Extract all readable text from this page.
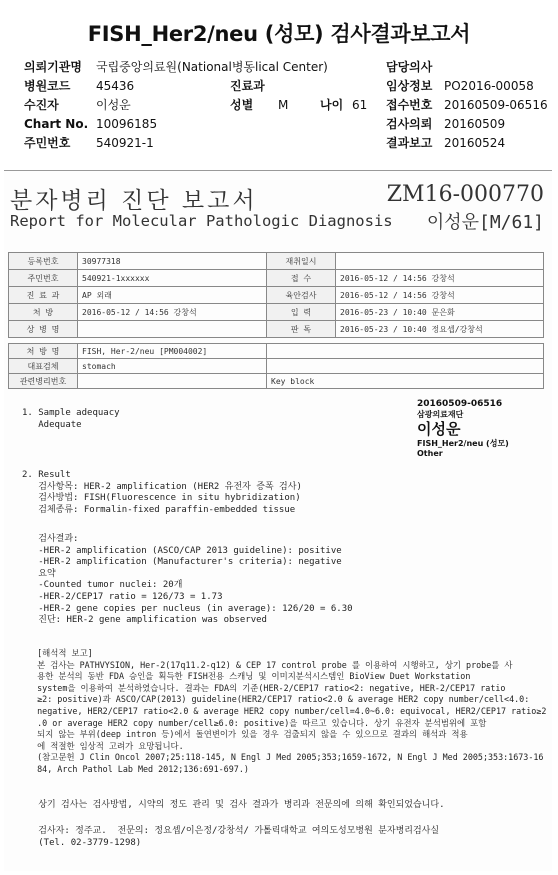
FISH_Her2/neu (성모) 검사결과보고서
의뢰기관명 국립중앙의료원(National병동lical Center)	담당의사
병원코드 45436	진료과	임상정보 PO2016-00058
수진자	이성운	성별 M	나이 61 접수번호 20160509-06516
Chart No. 10096185	검사의뢰 20160509
주민번호 540921-1	결과보고 20160524
분자병리 진단 보고서
Report for Molecular Pathologic Diagnosis
ZM16-000770
이성운[M/61]
등록번호	30977318	재취일시	
주민번호	540921-1xxxxxx	접 수	2016-05-12 / 14:56 강창석
진 료 과	AP 외래	육안검사	2016-05-12 / 14:56 강창석
처 방	2016-05-12 / 14:56 강창석	입 력	2016-05-23 / 10:40 문은화
상 병 명		판 독	2016-05-23 / 10:40 정요셉/강창석
처 방 명	FISH, Her-2/neu [PM004002]	
대표검체	stomach	
관련병리번호		Key block
20160509-06516
삼광의료재단
이성운
FISH_Her2/neu (성모)
Other
1. Sample adequacy
Adequate
2. Result
검사항목: HER-2 amplification (HER2 유전자 증폭 검사)
검사방법: FISH(Fluorescence in situ hybridization)
검체종류: Formalin-fixed paraffin-embedded tissue
검사결과:
-HER-2 amplification (ASCO/CAP 2013 guideline): positive
-HER-2 amplification (Manufacturer's criteria): negative
요약
-Counted tumor nuclei: 20개
-HER-2/CEP17 ratio = 126/73 = 1.73
-HER-2 gene copies per nucleus (in average): 126/20 = 6.30
진단: HER-2 gene amplification was observed
[해석적 보고]
본 검사는 PATHVYSION, Her-2(17q11.2-q12) & CEP 17 control probe 를 이용하여 시행하고, 상기 probe를 사
용한 분석의 동반 FDA 승인을 획득한 FISH전용 스캐닝 및 이미지분석시스템인 BioView Duet Workstation
system을 이용하여 분석하였습니다. 결과는 FDA의 기준(HER-2/CEP17 ratio<2: negative, HER-2/CEP17 ratio
≥2: positive)과 ASCO/CAP(2013) guideline(HER2/CEP17 ratio<2.0 & average HER2 copy number/cell<4.0:
negative, HER2/CEP17 ratio<2.0 & average HER2 copy number/cell=4.0~6.0: equivocal, HER2/CEP17 ratio≥2
.0 or average HER2 copy number/cell≥6.0: positive)을 따르고 있습니다. 상기 유전자 분석범위에 포함
되지 않는 부위(deep intron 등)에서 돌연변이가 있을 경우 검출되지 않을 수 있으므로 결과의 해석과 적용
에 적절한 임상적 고려가 요망됩니다.
(참고문헌 J Clin Oncol 2007;25:118-145, N Engl J Med 2005;353;1659-1672, N Engl J Med 2005;353:1673-16
84, Arch Pathol Lab Med 2012;136:691-697.)
상기 검사는 검사방법, 시약의 정도 관리 및 검사 결과가 병리과 전문의에 의해 확인되었습니다.
검사자: 정주교.  전문의: 정요셉/이은정/강창석/ 가톨릭대학교 여의도성모병원 분자병리검사실
(Tel. 02-3779-1298)
